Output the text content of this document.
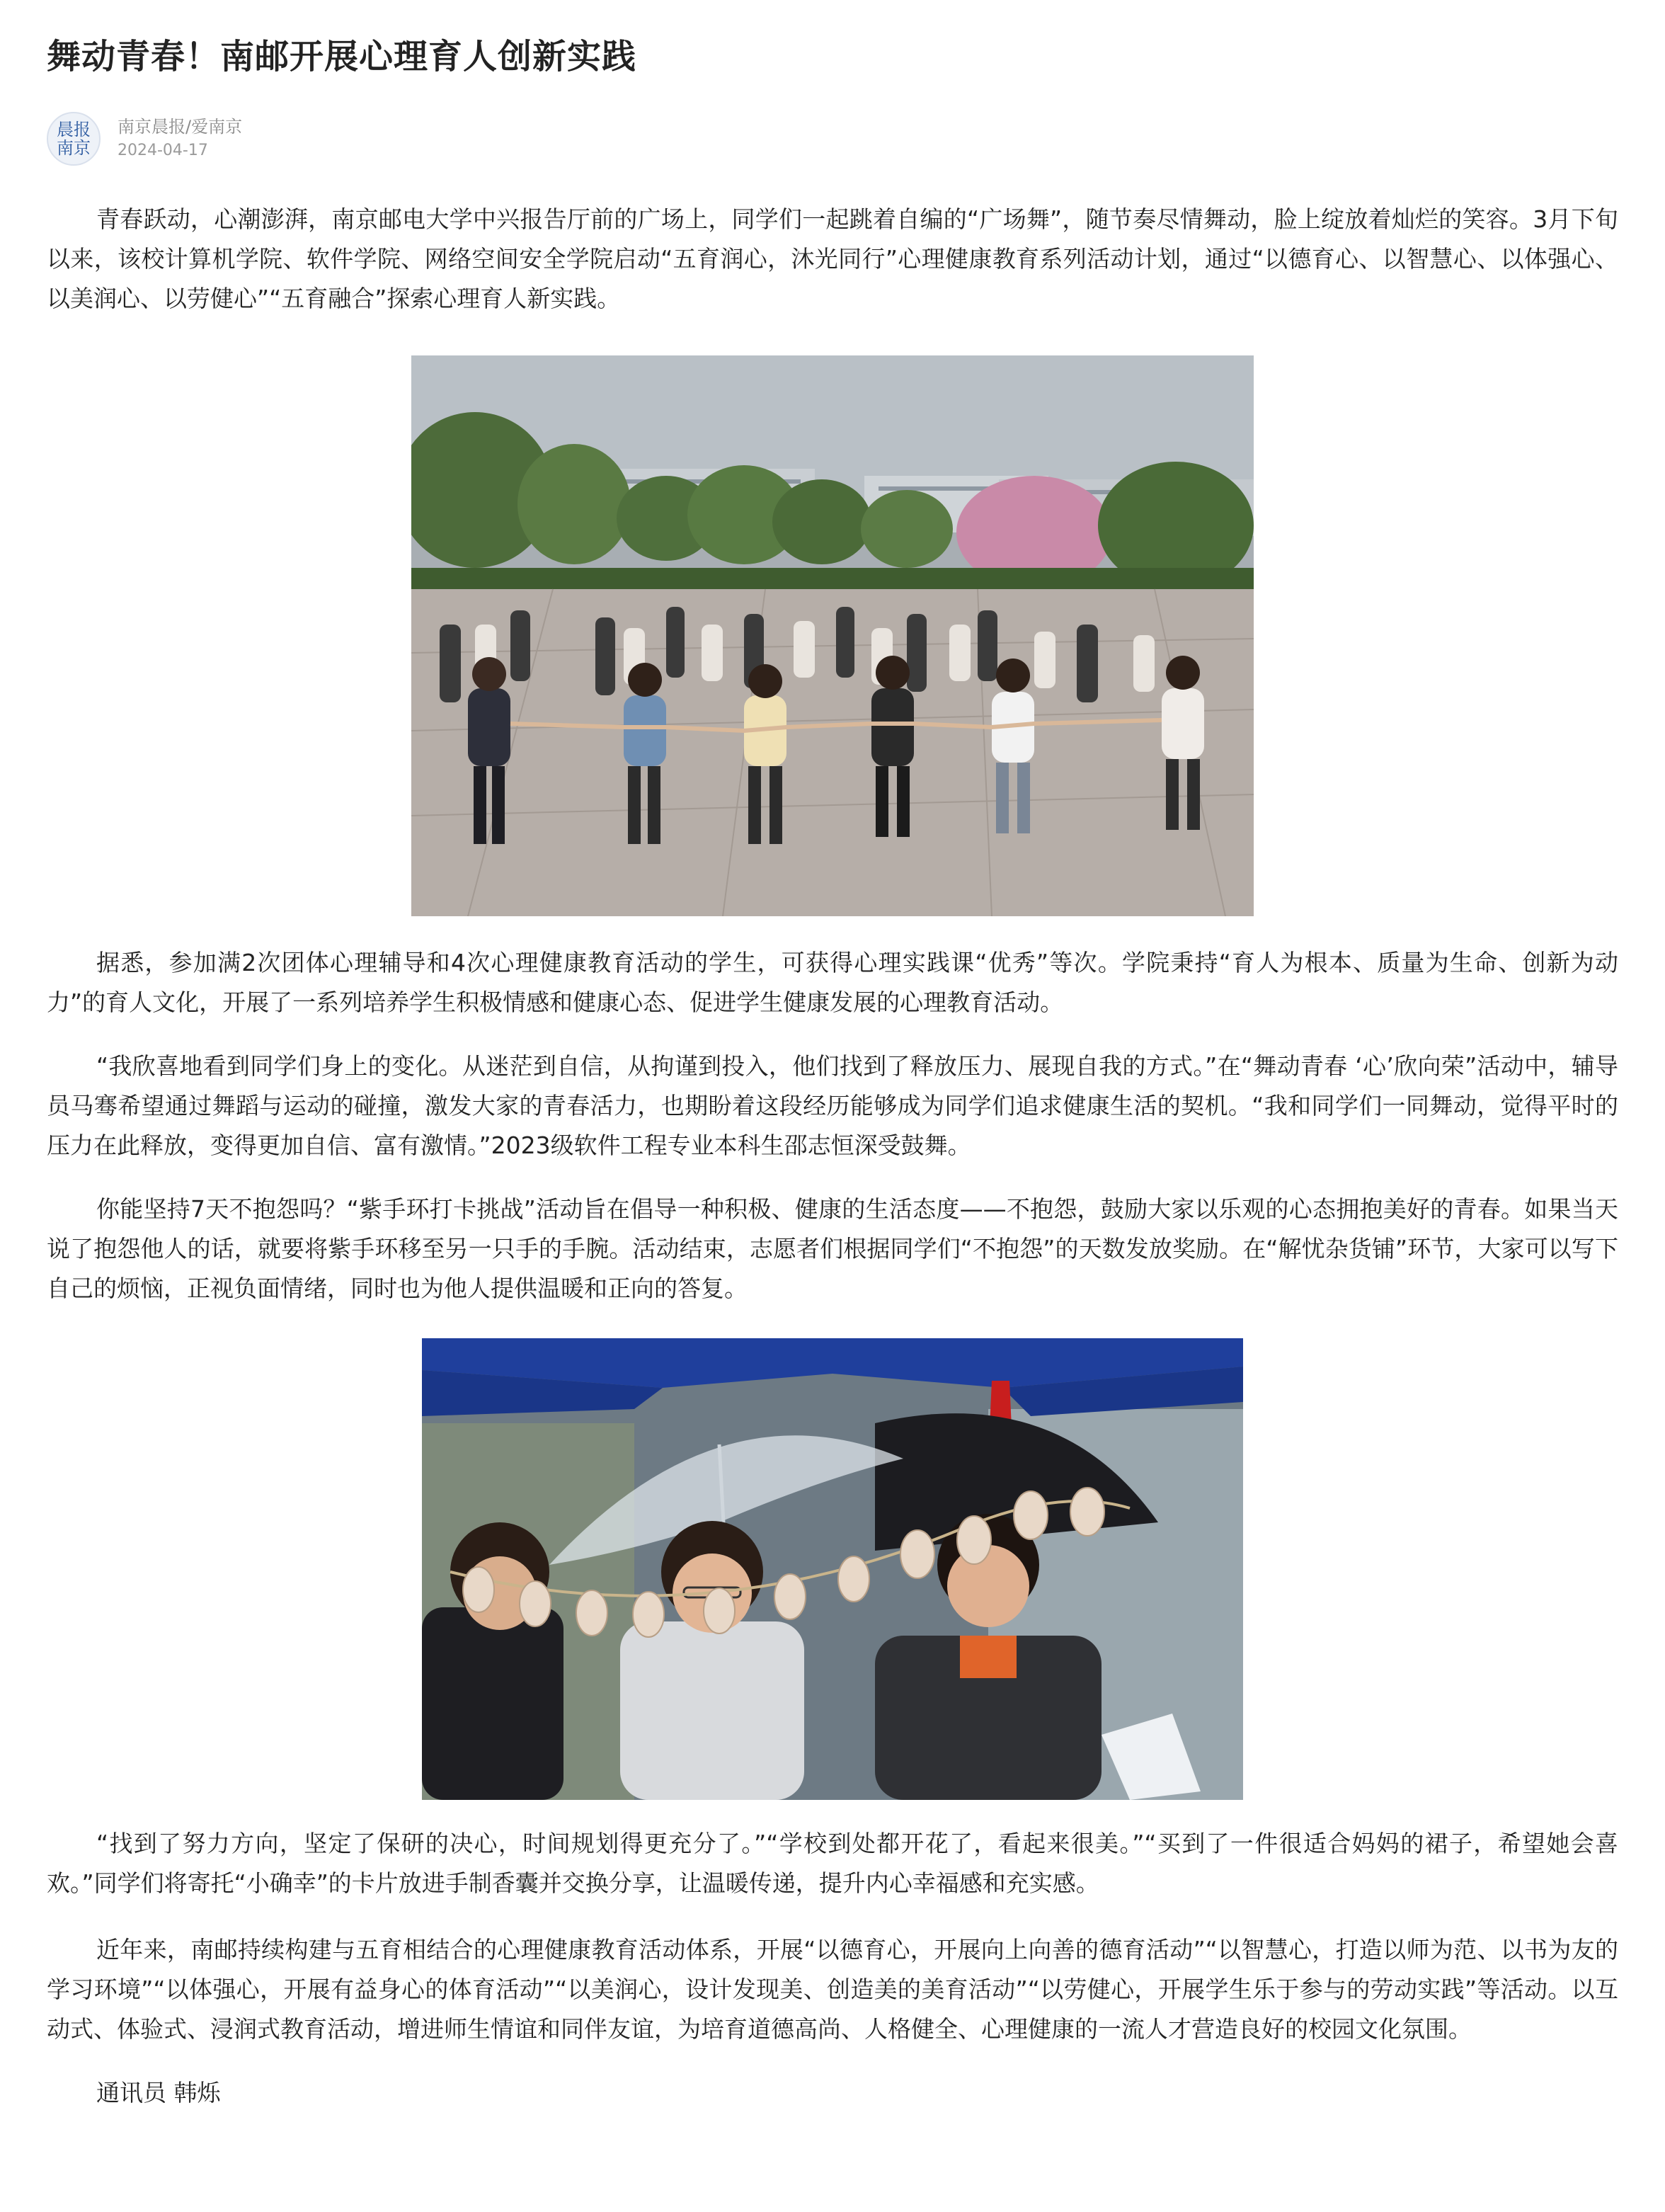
舞动青春！南邮开展心理育人创新实践
晨报南京
南京晨报/爱南京
2024-04-17

青春跃动，心潮澎湃，南京邮电大学中兴报告厅前的广场上，同学们一起跳着自编的“广场舞”，随节奏尽情舞动，脸上绽放着灿烂的笑容。3月下旬以来，该校计算机学院、软件学院、网络空间安全学院启动“五育润心，沐光同行”心理健康教育系列活动计划，通过“以德育心、以智慧心、以体强心、以美润心、以劳健心”“五育融合”探索心理育人新实践。

据悉，参加满2次团体心理辅导和4次心理健康教育活动的学生，可获得心理实践课“优秀”等次。学院秉持“育人为根本、质量为生命、创新为动力”的育人文化，开展了一系列培养学生积极情感和健康心态、促进学生健康发展的心理教育活动。

“我欣喜地看到同学们身上的变化。从迷茫到自信，从拘谨到投入，他们找到了释放压力、展现自我的方式。”在“舞动青春 ‘心’欣向荣”活动中，辅导员马骞希望通过舞蹈与运动的碰撞，激发大家的青春活力，也期盼着这段经历能够成为同学们追求健康生活的契机。“我和同学们一同舞动，觉得平时的压力在此释放，变得更加自信、富有激情。”2023级软件工程专业本科生邵志恒深受鼓舞。

你能坚持7天不抱怨吗？“紫手环打卡挑战”活动旨在倡导一种积极、健康的生活态度——不抱怨，鼓励大家以乐观的心态拥抱美好的青春。如果当天说了抱怨他人的话，就要将紫手环移至另一只手的手腕。活动结束，志愿者们根据同学们“不抱怨”的天数发放奖励。在“解忧杂货铺”环节，大家可以写下自己的烦恼，正视负面情绪，同时也为他人提供温暖和正向的答复。

“找到了努力方向，坚定了保研的决心，时间规划得更充分了。”“学校到处都开花了，看起来很美。”“买到了一件很适合妈妈的裙子，希望她会喜欢。”同学们将寄托“小确幸”的卡片放进手制香囊并交换分享，让温暖传递，提升内心幸福感和充实感。

近年来，南邮持续构建与五育相结合的心理健康教育活动体系，开展“以德育心，开展向上向善的德育活动”“以智慧心，打造以师为范、以书为友的学习环境”“以体强心，开展有益身心的体育活动”“以美润心，设计发现美、创造美的美育活动”“以劳健心，开展学生乐于参与的劳动实践”等活动。以互动式、体验式、浸润式教育活动，增进师生情谊和同伴友谊，为培育道德高尚、人格健全、心理健康的一流人才营造良好的校园文化氛围。

通讯员 韩烁
